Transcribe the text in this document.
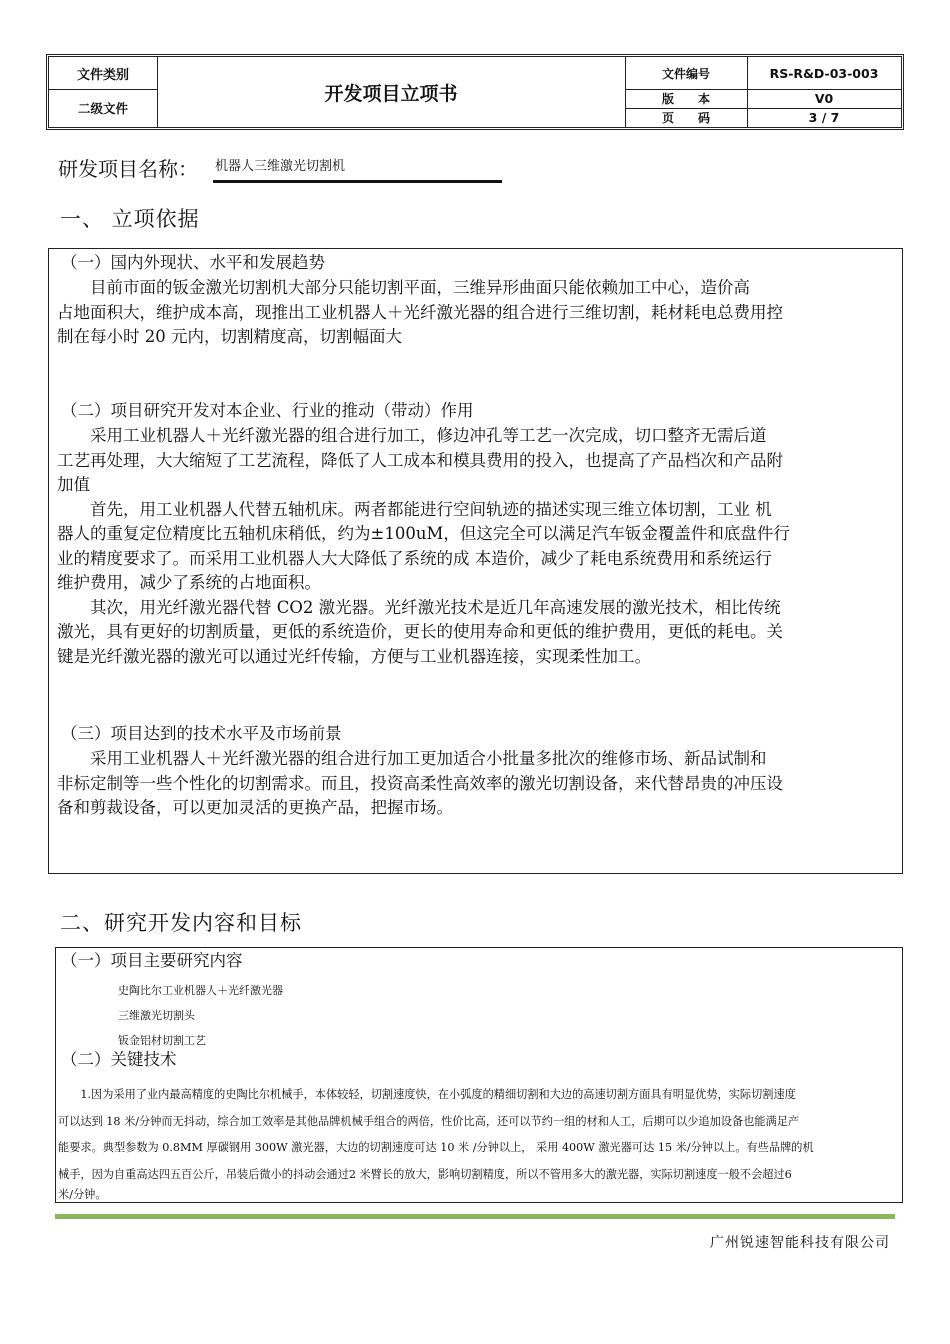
文件类别
二级文件
开发项目立项书
文件编号	RS-R&D-03-003
版　　本	V0
页　　码	3 / 7
研发项目名称： 机器人三维激光切割机
一、 立项依据
（一）国内外现状、水平和发展趋势

　　目前市面的钣金激光切割机大部分只能切割平面，三维异形曲面只能依赖加工中心，造价高

占地面积大，维护成本高，现推出工业机器人＋光纤激光器的组合进行三维切割，耗材耗电总费用控

制在每小时 20 元内，切割精度高，切割幅面大

（二）项目研究开发对本企业、行业的推动（带动）作用

　　采用工业机器人＋光纤激光器的组合进行加工，修边冲孔等工艺一次完成，切口整齐无需后道

工艺再处理，大大缩短了工艺流程，降低了人工成本和模具费用的投入，也提高了产品档次和产品附

加值

　　首先，用工业机器人代替五轴机床。两者都能进行空间轨迹的描述实现三维立体切割，工业 机

器人的重复定位精度比五轴机床稍低，约为±100uM，但这完全可以满足汽车钣金覆盖件和底盘件行

业的精度要求了。而采用工业机器人大大降低了系统的成 本造价，减少了耗电系统费用和系统运行

维护费用，减少了系统的占地面积。

　　其次，用光纤激光器代替 CO2 激光器。光纤激光技术是近几年高速发展的激光技术，相比传统

激光，具有更好的切割质量，更低的系统造价，更长的使用寿命和更低的维护费用，更低的耗电。关

键是光纤激光器的激光可以通过光纤传输，方便与工业机器连接，实现柔性加工。

（三）项目达到的技术水平及市场前景

　　采用工业机器人＋光纤激光器的组合进行加工更加适合小批量多批次的维修市场、新品试制和

非标定制等一些个性化的切割需求。而且，投资高柔性高效率的激光切割设备，来代替昂贵的冲压设

备和剪裁设备，可以更加灵活的更换产品，把握市场。

二、研究开发内容和目标
（一）项目主要研究内容
史陶比尔工业机器人＋光纤激光器
三维激光切割头
钣金铝材切割工艺
（二）关键技术
　　1.因为采用了业内最高精度的史陶比尔机械手，本体较轻，切割速度快，在小弧度的精细切割和大边的高速切割方面具有明显优势，实际切割速度
可以达到 18 米/分钟而无抖动，综合加工效率是其他品牌机械手组合的两倍，性价比高，还可以节约一组的材和人工，后期可以少追加设备也能满足产
能要求。典型参数为 0.8MM 厚碳钢用 300W 激光器，大边的切割速度可达 10 米 /分钟以上， 采用 400W 激光器可达 15 米/分钟以上。有些品牌的机
械手，因为自重高达四五百公斤，吊装后微小的抖动会通过2 米臂长的放大，影响切割精度，所以不管用多大的激光器，实际切割速度一般不会超过6
米/分钟。
广州锐速智能科技有限公司
